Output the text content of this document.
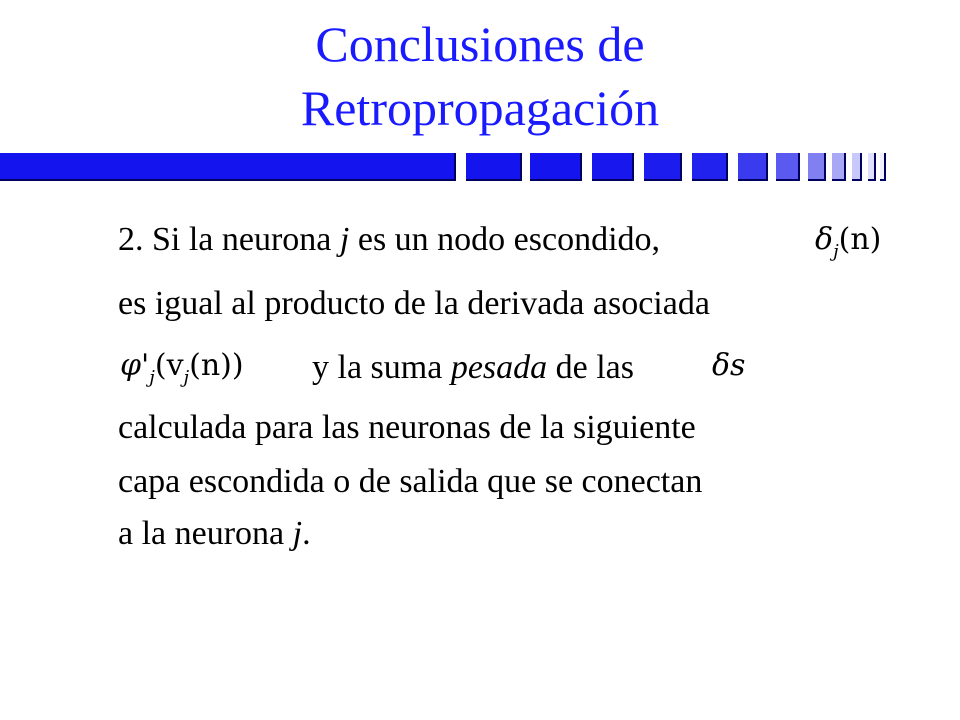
Conclusiones de
Retropropagación
2. Si la neurona j es un nodo escondido,	$\delta_j(n)$
es igual al producto de la derivada asociada
$\varphi'_j(v_j(n))$ y la suma pesada de las	δs
calculada para las neuronas de la siguiente
capa escondida o de salida que se conectan
a la neurona j.
